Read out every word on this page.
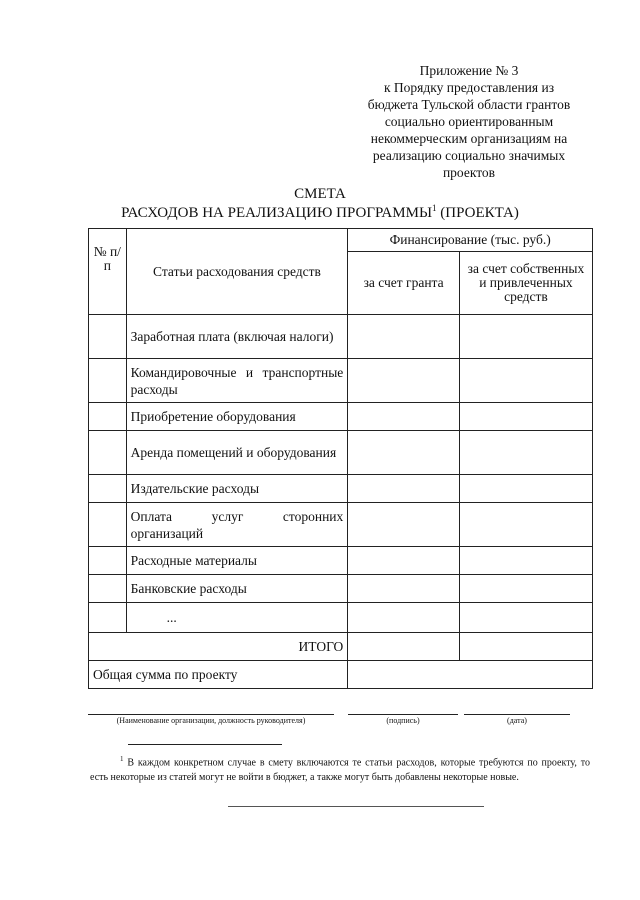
Приложение № 3
к Порядку предоставления из
бюджета Тульской области грантов
социально ориентированным
некоммерческим организациям на
реализацию социально значимых
проектов
СМЕТА
РАСХОДОВ НА РЕАЛИЗАЦИЮ ПРОГРАММЫ$^1$ (ПРОЕКТА)
№ п/п	Статьи расходования средств	Финансирование (тыс. руб.)	
		за счет гранта	за счет собственных и привлеченных средств
	Заработная плата (включая налоги)		
	Командировочные и транспортные расходы		
	Приобретение оборудования		
	Аренда помещений и оборудования		
	Издательские расходы		
	Оплата услуг сторонних организаций		
	Расходные материалы		
	Банковские расходы		
	...		
ИТОГО			
Общая сумма по проекту			
(Наименование организации, должность руководителя)	(подпись)	(дата)
$^1$ В каждом конкретном случае в смету включаются те статьи расходов, которые требуются по проекту, то есть некоторые из статей могут не войти в бюджет, а также могут быть добавлены некоторые новые.
